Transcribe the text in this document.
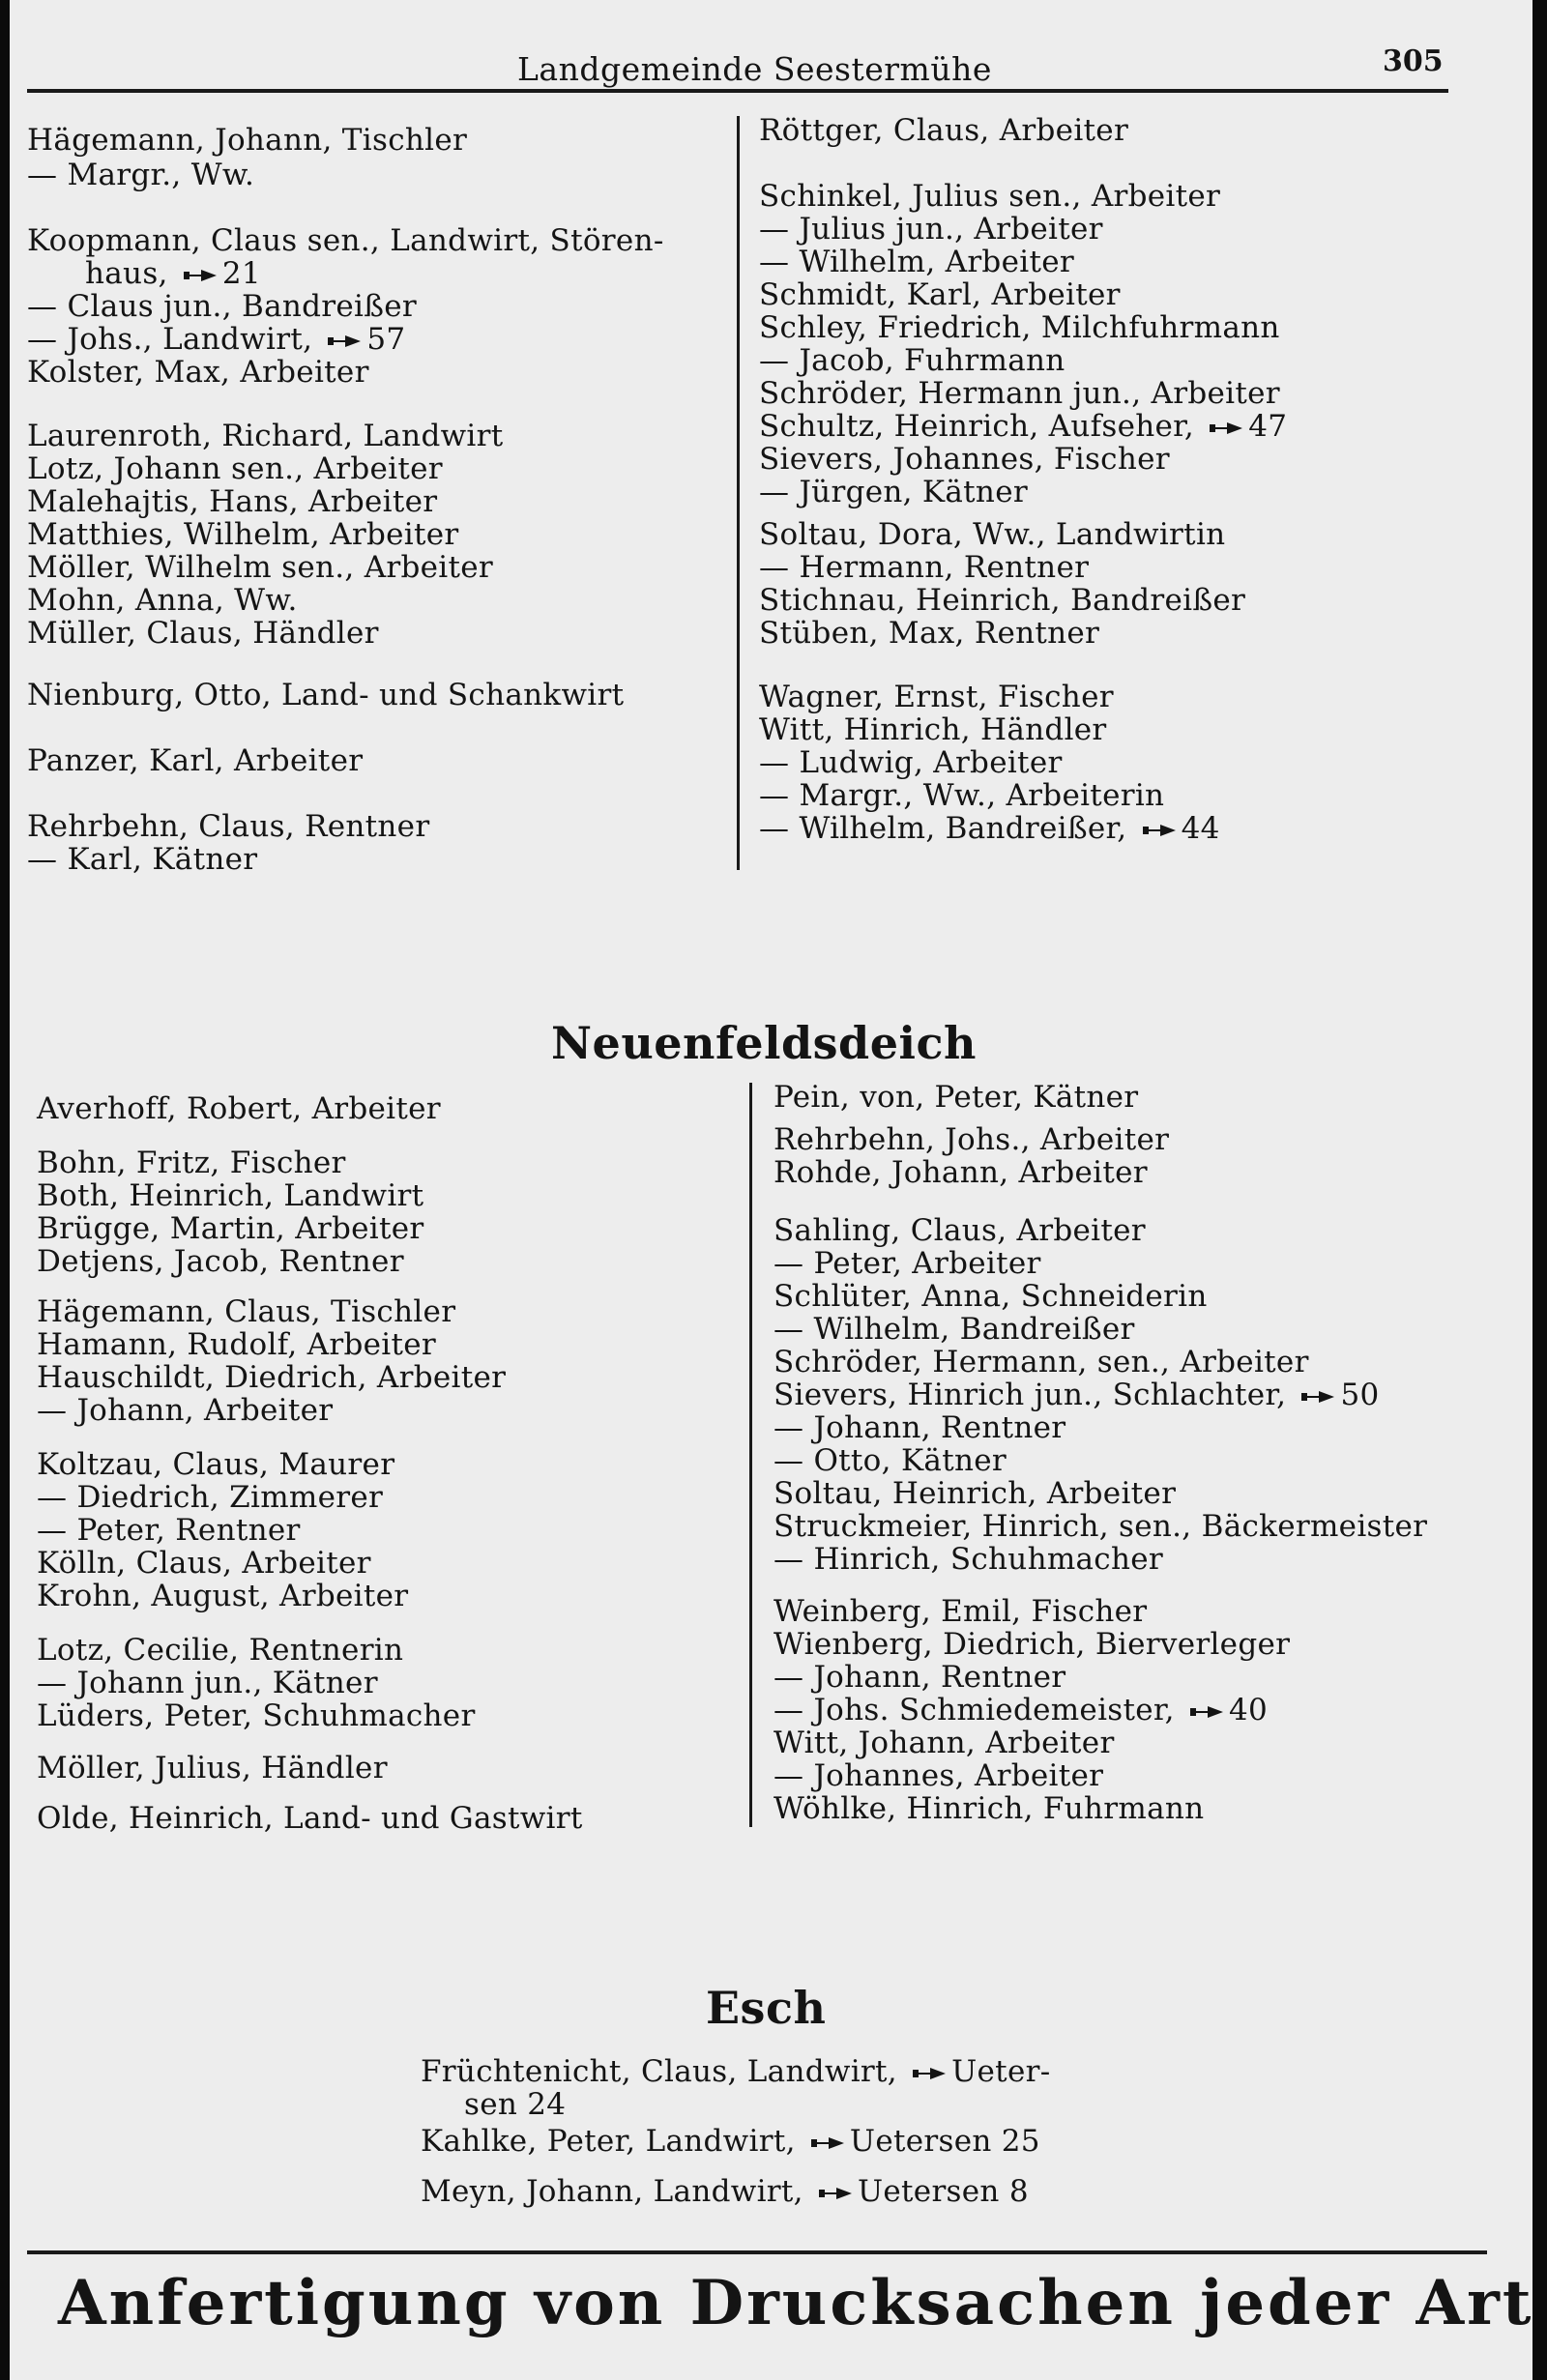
Landgemeinde Seestermühe	305
Hägemann, Johann, Tischler
— Margr., Ww.
Koopmann, Claus sen., Landwirt, Stören-
haus, 21
— Claus jun., Bandreißer
— Johs., Landwirt, 57
Kolster, Max, Arbeiter
Laurenroth, Richard, Landwirt
Lotz, Johann sen., Arbeiter
Malehajtis, Hans, Arbeiter
Matthies, Wilhelm, Arbeiter
Möller, Wilhelm sen., Arbeiter
Mohn, Anna, Ww.
Müller, Claus, Händler
Nienburg, Otto, Land- und Schankwirt
Panzer, Karl, Arbeiter
Rehrbehn, Claus, Rentner
— Karl, Kätner
Röttger, Claus, Arbeiter
Schinkel, Julius sen., Arbeiter
— Julius jun., Arbeiter
— Wilhelm, Arbeiter
Schmidt, Karl, Arbeiter
Schley, Friedrich, Milchfuhrmann
— Jacob, Fuhrmann
Schröder, Hermann jun., Arbeiter
Schultz, Heinrich, Aufseher, 47
Sievers, Johannes, Fischer
— Jürgen, Kätner
Soltau, Dora, Ww., Landwirtin
— Hermann, Rentner
Stichnau, Heinrich, Bandreißer
Stüben, Max, Rentner
Wagner, Ernst, Fischer
Witt, Hinrich, Händler
— Ludwig, Arbeiter
— Margr., Ww., Arbeiterin
— Wilhelm, Bandreißer, 44
Neuenfeldsdeich
Averhoff, Robert, Arbeiter
Bohn, Fritz, Fischer
Both, Heinrich, Landwirt
Brügge, Martin, Arbeiter
Detjens, Jacob, Rentner
Hägemann, Claus, Tischler
Hamann, Rudolf, Arbeiter
Hauschildt, Diedrich, Arbeiter
— Johann, Arbeiter
Koltzau, Claus, Maurer
— Diedrich, Zimmerer
— Peter, Rentner
Kölln, Claus, Arbeiter
Krohn, August, Arbeiter
Lotz, Cecilie, Rentnerin
— Johann jun., Kätner
Lüders, Peter, Schuhmacher
Möller, Julius, Händler
Olde, Heinrich, Land- und Gastwirt
Pein, von, Peter, Kätner
Rehrbehn, Johs., Arbeiter
Rohde, Johann, Arbeiter
Sahling, Claus, Arbeiter
— Peter, Arbeiter
Schlüter, Anna, Schneiderin
— Wilhelm, Bandreißer
Schröder, Hermann, sen., Arbeiter
Sievers, Hinrich jun., Schlachter, 50
— Johann, Rentner
— Otto, Kätner
Soltau, Heinrich, Arbeiter
Struckmeier, Hinrich, sen., Bäckermeister
— Hinrich, Schuhmacher
Weinberg, Emil, Fischer
Wienberg, Diedrich, Bierverleger
— Johann, Rentner
— Johs. Schmiedemeister, 40
Witt, Johann, Arbeiter
— Johannes, Arbeiter
Wöhlke, Hinrich, Fuhrmann
Esch
Früchtenicht, Claus, Landwirt, Ueter-
sen 24
Kahlke, Peter, Landwirt, Uetersen 25
Meyn, Johann, Landwirt, Uetersen 8
Anfertigung von Drucksachen jeder Art
